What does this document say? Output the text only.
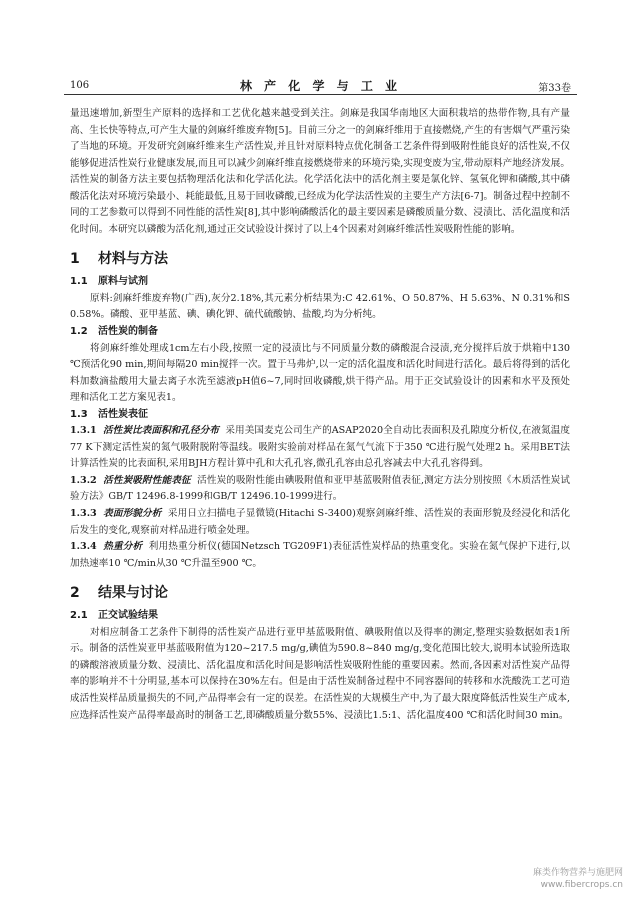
106	林 产 化 学 与 工 业	第33卷

量迅速增加,新型生产原料的选择和工艺优化越来越受到关注。剑麻是我国华南地区大面积栽培的热带作物,具有产量高、生长快等特点,可产生大量的剑麻纤维废弃物[5]。目前三分之一的剑麻纤维用于直接燃烧,产生的有害烟气严重污染了当地的环境。开发研究剑麻纤维来生产活性炭,并且针对原料特点优化制备工艺条件得到吸附性能良好的活性炭,不仅能够促进活性炭行业健康发展,而且可以减少剑麻纤维直接燃烧带来的环境污染,实现变废为宝,带动原料产地经济发展。活性炭的制备方法主要包括物理活化法和化学活化法。化学活化法中的活化剂主要是氯化锌、氢氧化钾和磷酸,其中磷酸活化法对环境污染最小、耗能最低,且易于回收磷酸,已经成为化学法活性炭的主要生产方法[6-7]。制备过程中控制不同的工艺参数可以得到不同性能的活性炭[8],其中影响磷酸活化的最主要因素是磷酸质量分数、浸渍比、活化温度和活化时间。本研究以磷酸为活化剂,通过正交试验设计探讨了以上4个因素对剑麻纤维活性炭吸附性能的影响。

1 材料与方法
1.1 原料与试剂

原料:剑麻纤维废弃物(广西),灰分2.18%,其元素分析结果为:C 42.61%、O 50.87%、H 5.63%、N 0.31%和S 0.58%。磷酸、亚甲基蓝、碘、碘化钾、硫代硫酸钠、盐酸,均为分析纯。

1.2 活性炭的制备

将剑麻纤维处理成1cm左右小段,按照一定的浸渍比与不同质量分数的磷酸混合浸渍,充分搅拌后放于烘箱中130 ℃预活化90 min,期间每隔20 min搅拌一次。置于马弗炉,以一定的活化温度和活化时间进行活化。最后将得到的活化料加数滴盐酸用大量去离子水洗至滤液pH值6~7,同时回收磷酸,烘干得产品。用于正交试验设计的因素和水平及预处理和活化工艺方案见表1。

1.3 活性炭表征

1.3.1 活性炭比表面积和孔径分布 采用美国麦克公司生产的ASAP2020全自动比表面积及孔隙度分析仪,在液氮温度77 K下测定活性炭的氮气吸附脱附等温线。吸附实验前对样品在氮气气流下于350 ℃进行脱气处理2 h。采用BET法计算活性炭的比表面积,采用BJH方程计算中孔和大孔孔容,微孔孔容由总孔容减去中大孔孔容得到。

1.3.2 活性炭吸附性能表征 活性炭的吸附性能由碘吸附值和亚甲基蓝吸附值表征,测定方法分别按照《木质活性炭试验方法》GB/T 12496.8-1999和GB/T 12496.10-1999进行。

1.3.3 表面形貌分析 采用日立扫描电子显微镜(Hitachi S-3400)观察剑麻纤维、活性炭的表面形貌及经浸化和活化后发生的变化,观察前对样品进行喷金处理。

1.3.4 热重分析 利用热重分析仪(德国Netzsch TG209F1)表征活性炭样品的热重变化。实验在氮气保护下进行,以加热速率10 ℃/min从30 ℃升温至900 ℃。

2 结果与讨论
2.1 正交试验结果

对相应制备工艺条件下制得的活性炭产品进行亚甲基蓝吸附值、碘吸附值以及得率的测定,整理实验数据如表1所示。制备的活性炭亚甲基蓝吸附值为120~217.5 mg/g,碘值为590.8~840 mg/g,变化范围比较大,说明本试验所选取的磷酸溶液质量分数、浸渍比、活化温度和活化时间是影响活性炭吸附性能的重要因素。然而,各因素对活性炭产品得率的影响并不十分明显,基本可以保持在30%左右。但是由于活性炭制备过程中不同容器间的转移和水洗酸洗工艺可造成活性炭样品质量损失的不同,产品得率会有一定的误差。在活性炭的大规模生产中,为了最大限度降低活性炭生产成本,应选择活性炭产品得率最高时的制备工艺,即磷酸质量分数55%、浸渍比1.5:1、活化温度400 ℃和活化时间30 min。

麻类作物营养与施肥网
www.fibercrops.cn
